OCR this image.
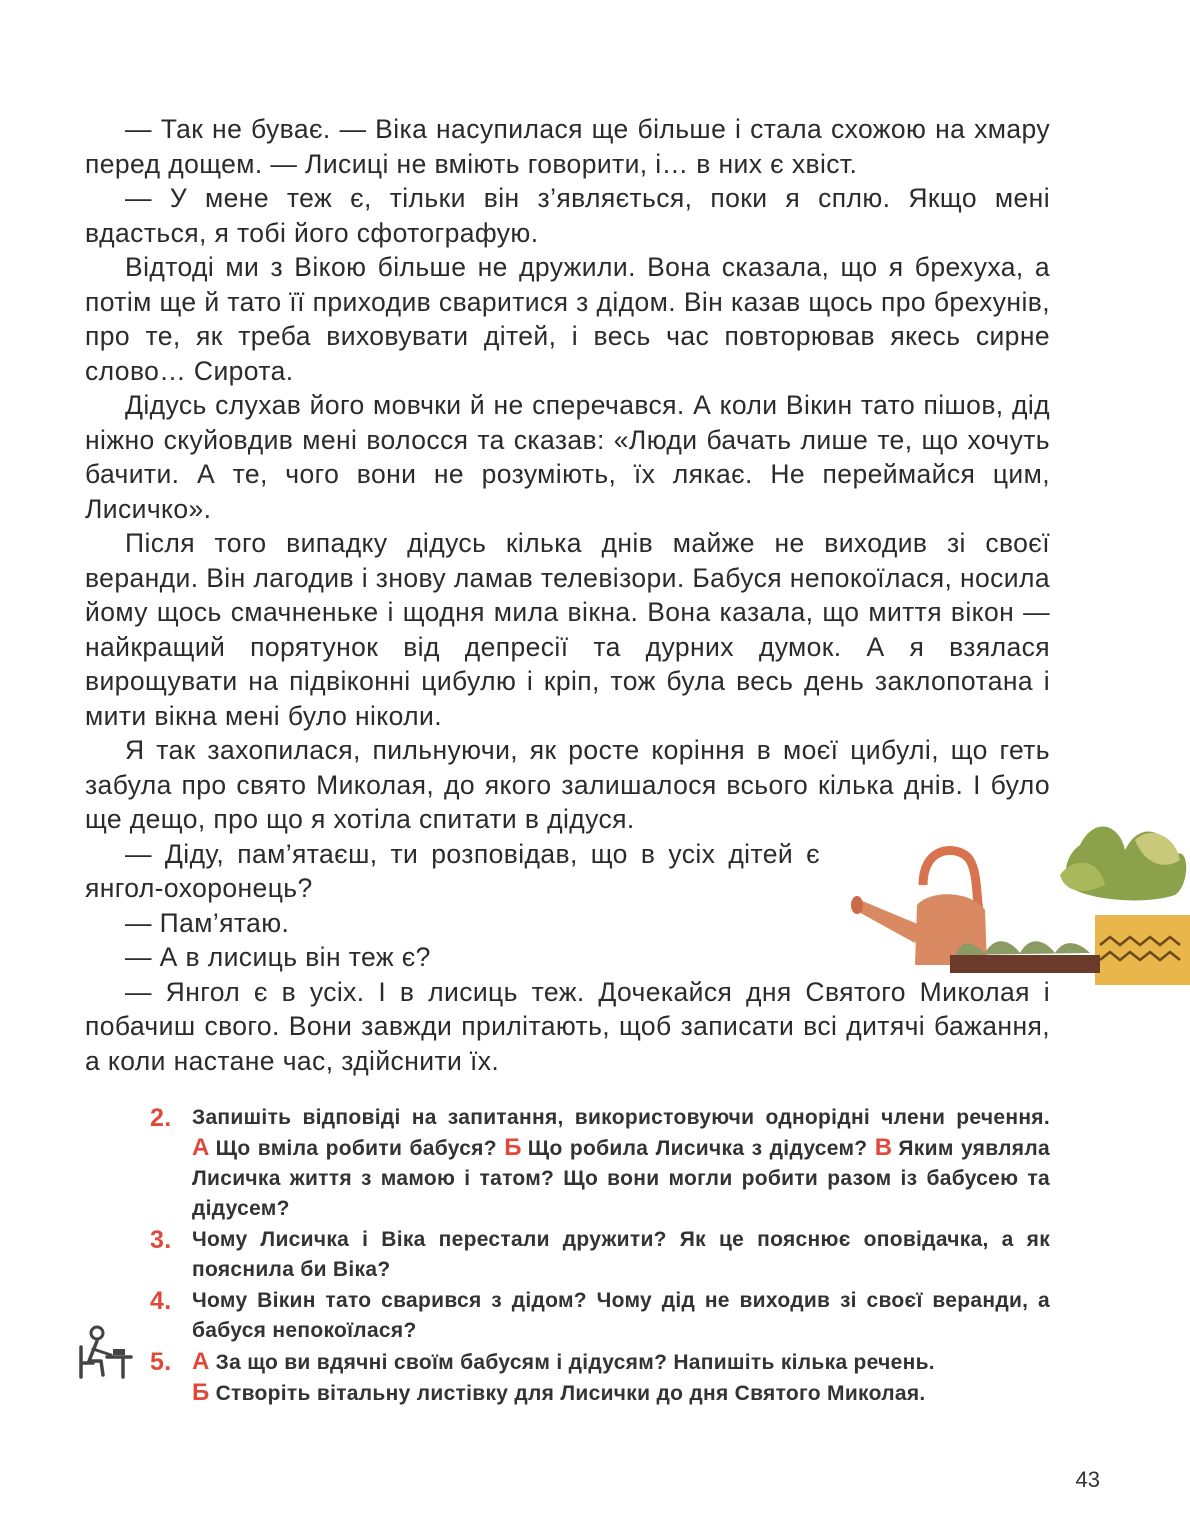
— Так не буває. — Віка насупилася ще більше і стала схожою на хмару перед дощем. — Лисиці не вміють говорити, і… в них є хвіст.

— У мене теж є, тільки він з’являється, поки я сплю. Якщо мені вдасться, я тобі його сфотографую.

Відтоді ми з Вікою більше не дружили. Вона сказала, що я брехуха, а потім ще й тато її приходив сваритися з дідом. Він казав щось про брехунів, про те, як треба виховувати дітей, і весь час повторював якесь сирне слово… Сирота.

Дідусь слухав його мовчки й не сперечався. А коли Вікин тато пішов, дід ніжно скуйовдив мені волосся та сказав: «Люди бачать лише те, що хочуть бачити. А те, чого вони не розуміють, їх лякає. Не переймайся цим, Лисичко».

Після того випадку дідусь кілька днів майже не виходив зі своєї веранди. Він лагодив і знову ламав телевізори. Бабуся непокоїлася, носила йому щось смачненьке і щодня мила вікна. Вона казала, що миття вікон — найкращий порятунок від депресії та дурних думок. А я взялася вирощувати на підвіконні цибулю і кріп, тож була весь день заклопотана і мити вікна мені було ніколи.

Я так захопилася, пильнуючи, як росте коріння в моєї цибулі, що геть забула про свято Миколая, до якого залишалося всього кілька днів. І було ще дещо, про що я хотіла спитати в дідуся.

— Діду, пам’ятаєш, ти розповідав, що в усіх дітей є янгол-охоронець?

— Пам’ятаю.

— А в лисиць він теж є?

— Янгол є в усіх. І в лисиць теж. Дочекайся дня Святого Миколая і побачиш свого. Вони завжди прилітають, щоб записати всі дитячі бажання, а коли настане час, здійснити їх.

2. Запишіть відповіді на запитання, використовуючи однорідні члени речення. А Що вміла робити бабуся? Б Що робила Лисичка з дідусем? В Яким уявляла Лисичка життя з мамою і татом? Що вони могли робити разом із бабусею та дідусем?
3. Чому Лисичка і Віка перестали дружити? Як це пояснює оповідачка, а як пояснила би Віка?
4. Чому Вікин тато сварився з дідом? Чому дід не виходив зі своєї веранди, а бабуся непокоїлася?
5. А За що ви вдячні своїм бабусям і дідусям? Напишіть кілька речень.
Б Створіть вітальну листівку для Лисички до дня Святого Миколая.
43
